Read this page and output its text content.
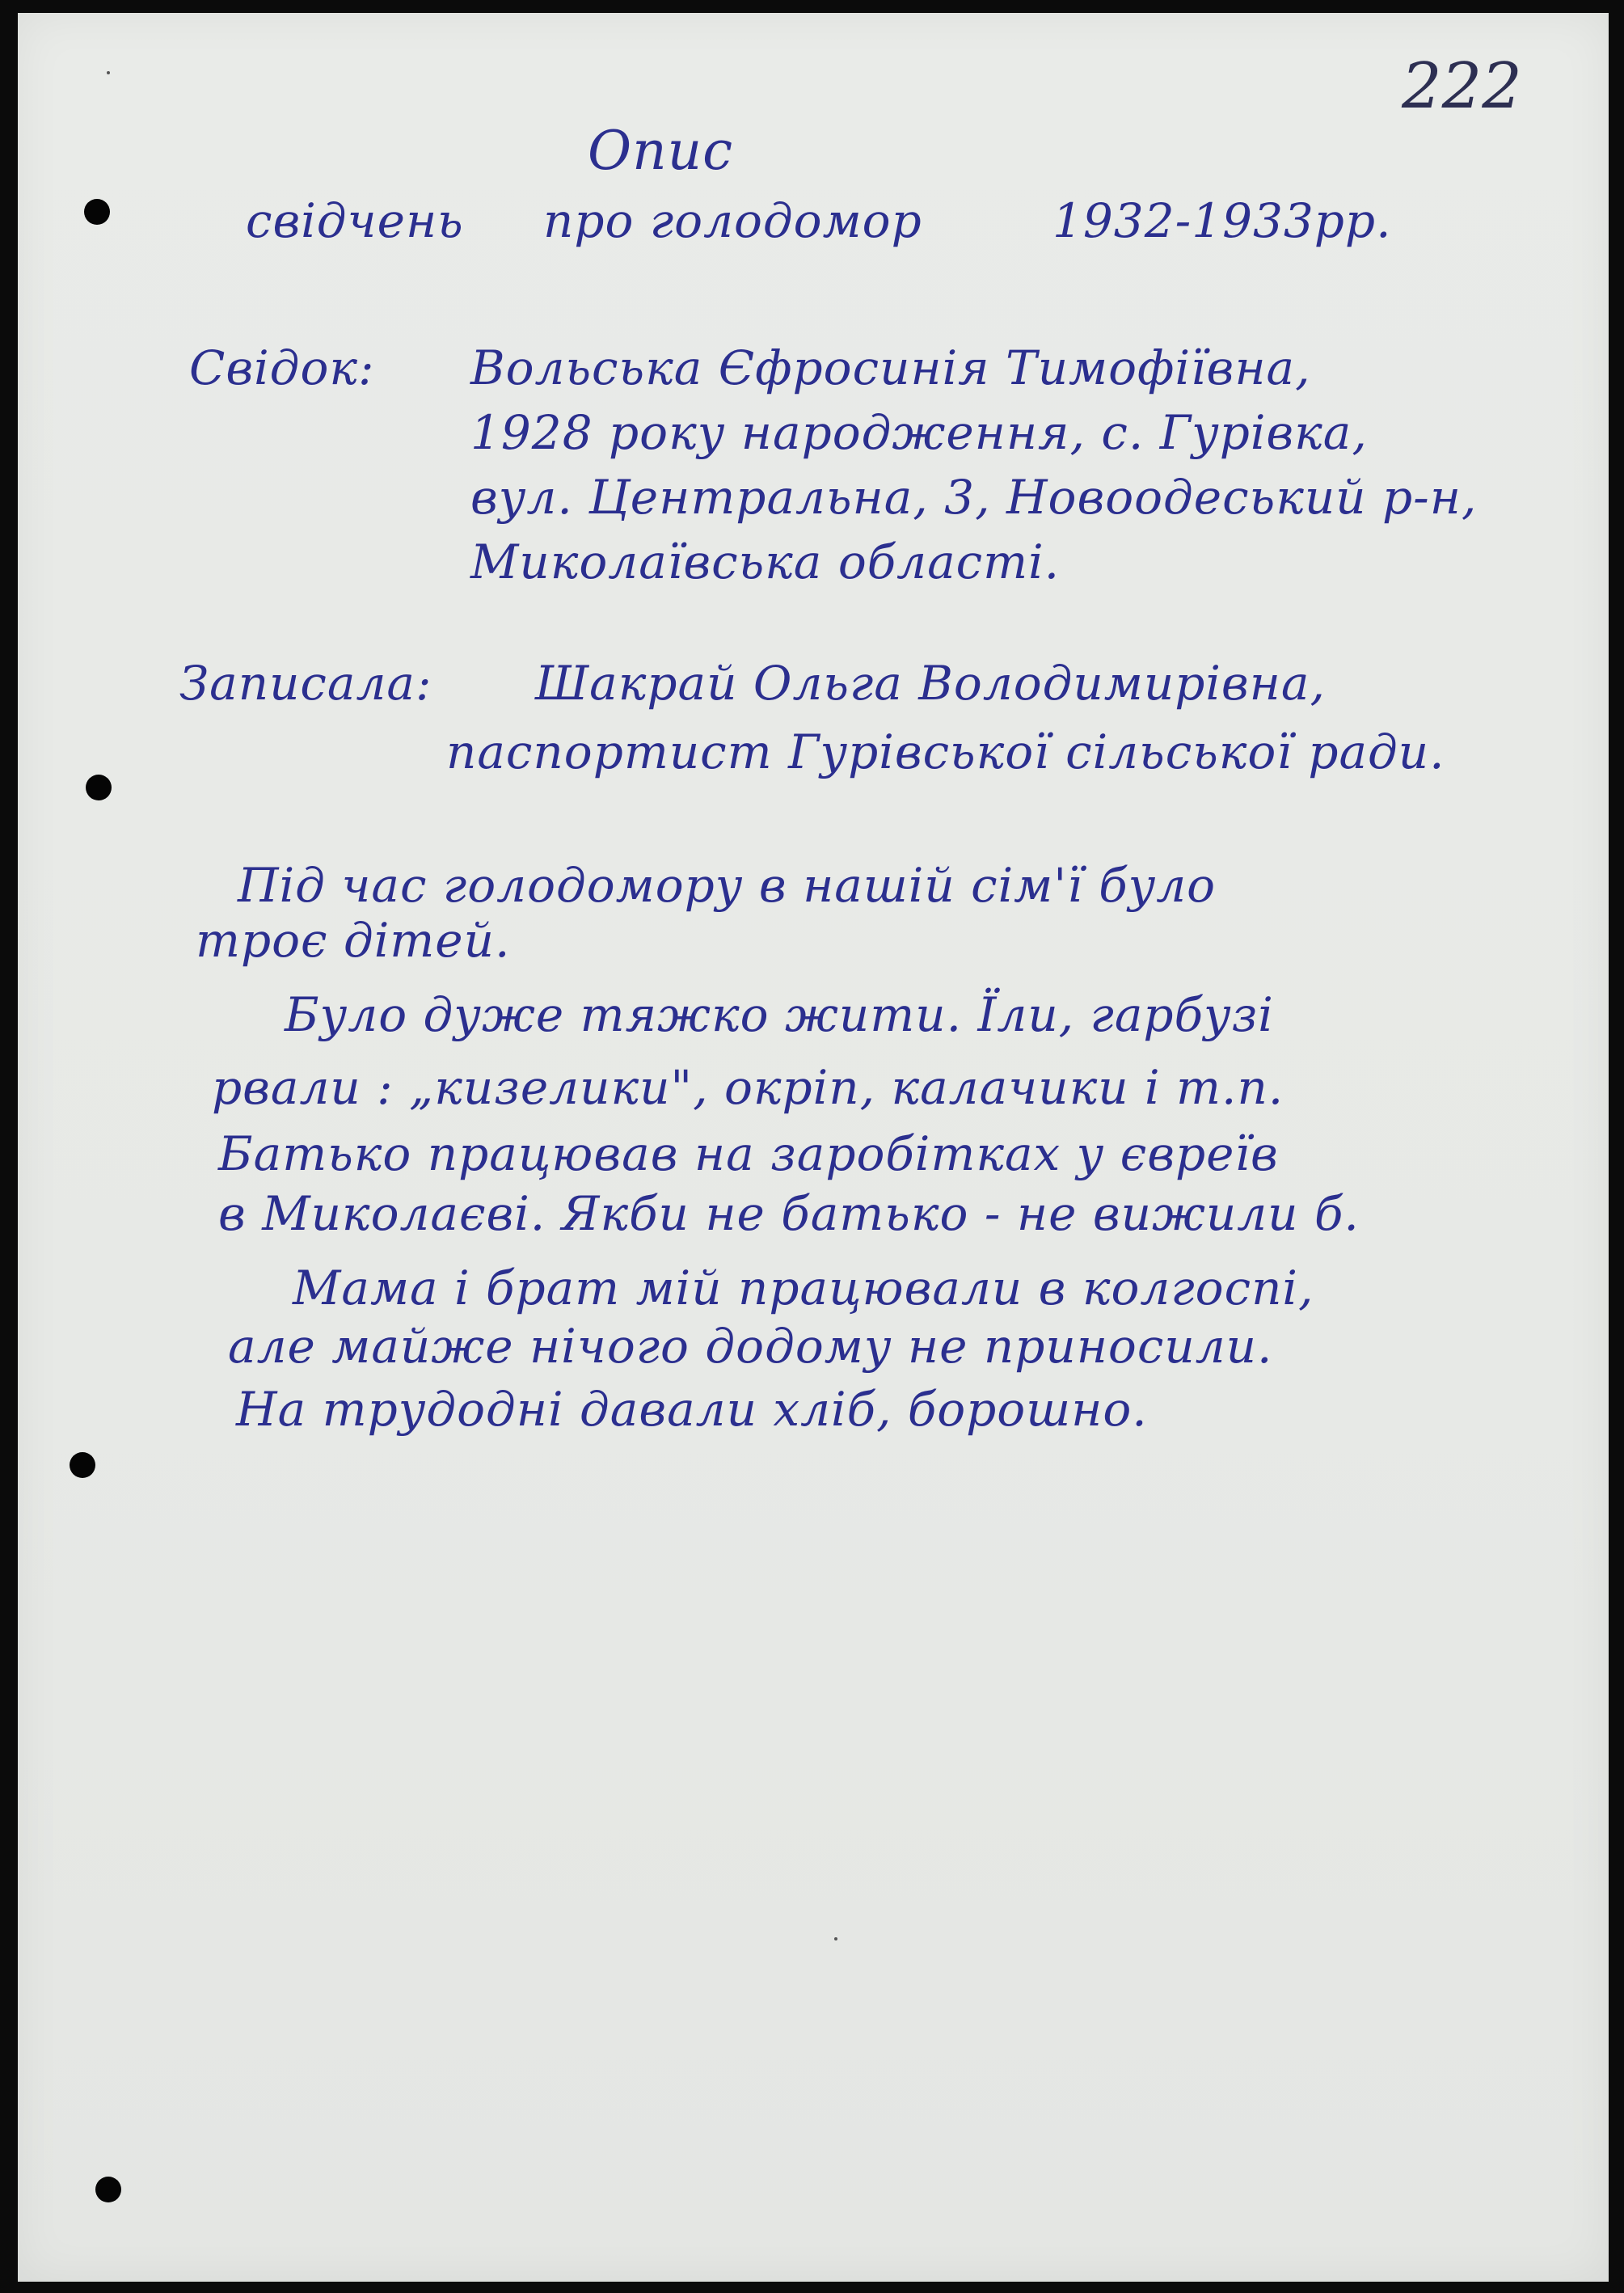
222
Опис
свідчень про голодомор	1932-1933рр.
Свідок: Вольська Єфросинія Тимофіївна,
1928 року народження, с. Гурівка,
вул. Центральна, 3, Новоодеський р-н,
Миколаївська області.
Записала: Шакрай Ольга Володимирівна,
паспортист Гурівської сільської ради.
Під час голодомору в нашій сім'ї було
троє дітей.
Було дуже тяжко жити. Їли, гарбузі
рвали : „кизелики", окріп, калачики і т.п.
Батько працював на заробітках у євреїв
в Миколаєві. Якби не батько - не вижили б.
Мама і брат мій працювали в колгоспі,
але майже нічого додому не приносили.
На трудодні давали хліб, борошно.
